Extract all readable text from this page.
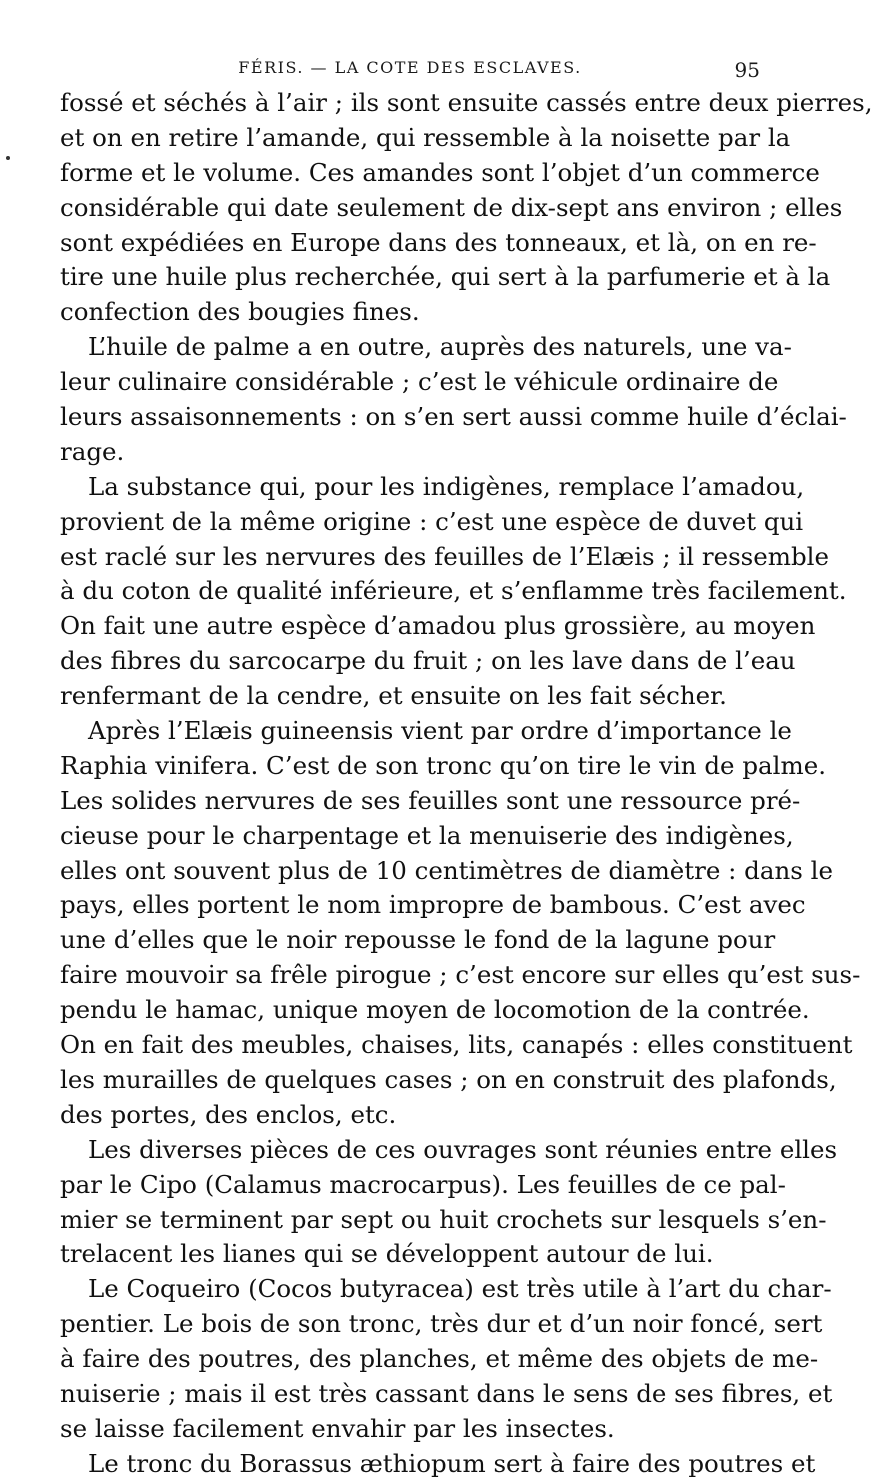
FÉRIS. — LA COTE DES ESCLAVES.	95
fossé et séchés à l’air ; ils sont ensuite cassés entre deux pierres,
et on en retire l’amande, qui ressemble à la noisette par la
forme et le volume. Ces amandes sont l’objet d’un commerce
considérable qui date seulement de dix-sept ans environ ; elles
sont expédiées en Europe dans des tonneaux, et là, on en re-
tire une huile plus recherchée, qui sert à la parfumerie et à la
confection des bougies fines.
L’huile de palme a en outre, auprès des naturels, une va-
leur culinaire considérable ; c’est le véhicule ordinaire de
leurs assaisonnements : on s’en sert aussi comme huile d’éclai-
rage.
La substance qui, pour les indigènes, remplace l’amadou,
provient de la même origine : c’est une espèce de duvet qui
est raclé sur les nervures des feuilles de l’Elæis ; il ressemble
à du coton de qualité inférieure, et s’enflamme très facilement.
On fait une autre espèce d’amadou plus grossière, au moyen
des fibres du sarcocarpe du fruit ; on les lave dans de l’eau
renfermant de la cendre, et ensuite on les fait sécher.
Après l’Elæis guineensis vient par ordre d’importance le
Raphia vinifera. C’est de son tronc qu’on tire le vin de palme.
Les solides nervures de ses feuilles sont une ressource pré-
cieuse pour le charpentage et la menuiserie des indigènes,
elles ont souvent plus de 10 centimètres de diamètre : dans le
pays, elles portent le nom impropre de bambous. C’est avec
une d’elles que le noir repousse le fond de la lagune pour
faire mouvoir sa frêle pirogue ; c’est encore sur elles qu’est sus-
pendu le hamac, unique moyen de locomotion de la contrée.
On en fait des meubles, chaises, lits, canapés : elles constituent
les murailles de quelques cases ; on en construit des plafonds,
des portes, des enclos, etc.
Les diverses pièces de ces ouvrages sont réunies entre elles
par le Cipo (Calamus macrocarpus). Les feuilles de ce pal-
mier se terminent par sept ou huit crochets sur lesquels s’en-
trelacent les lianes qui se développent autour de lui.
Le Coqueiro (Cocos butyracea) est très utile à l’art du char-
pentier. Le bois de son tronc, très dur et d’un noir foncé, sert
à faire des poutres, des planches, et même des objets de me-
nuiserie ; mais il est très cassant dans le sens de ses fibres, et
se laisse facilement envahir par les insectes.
Le tronc du Borassus æthiopum sert à faire des poutres et
